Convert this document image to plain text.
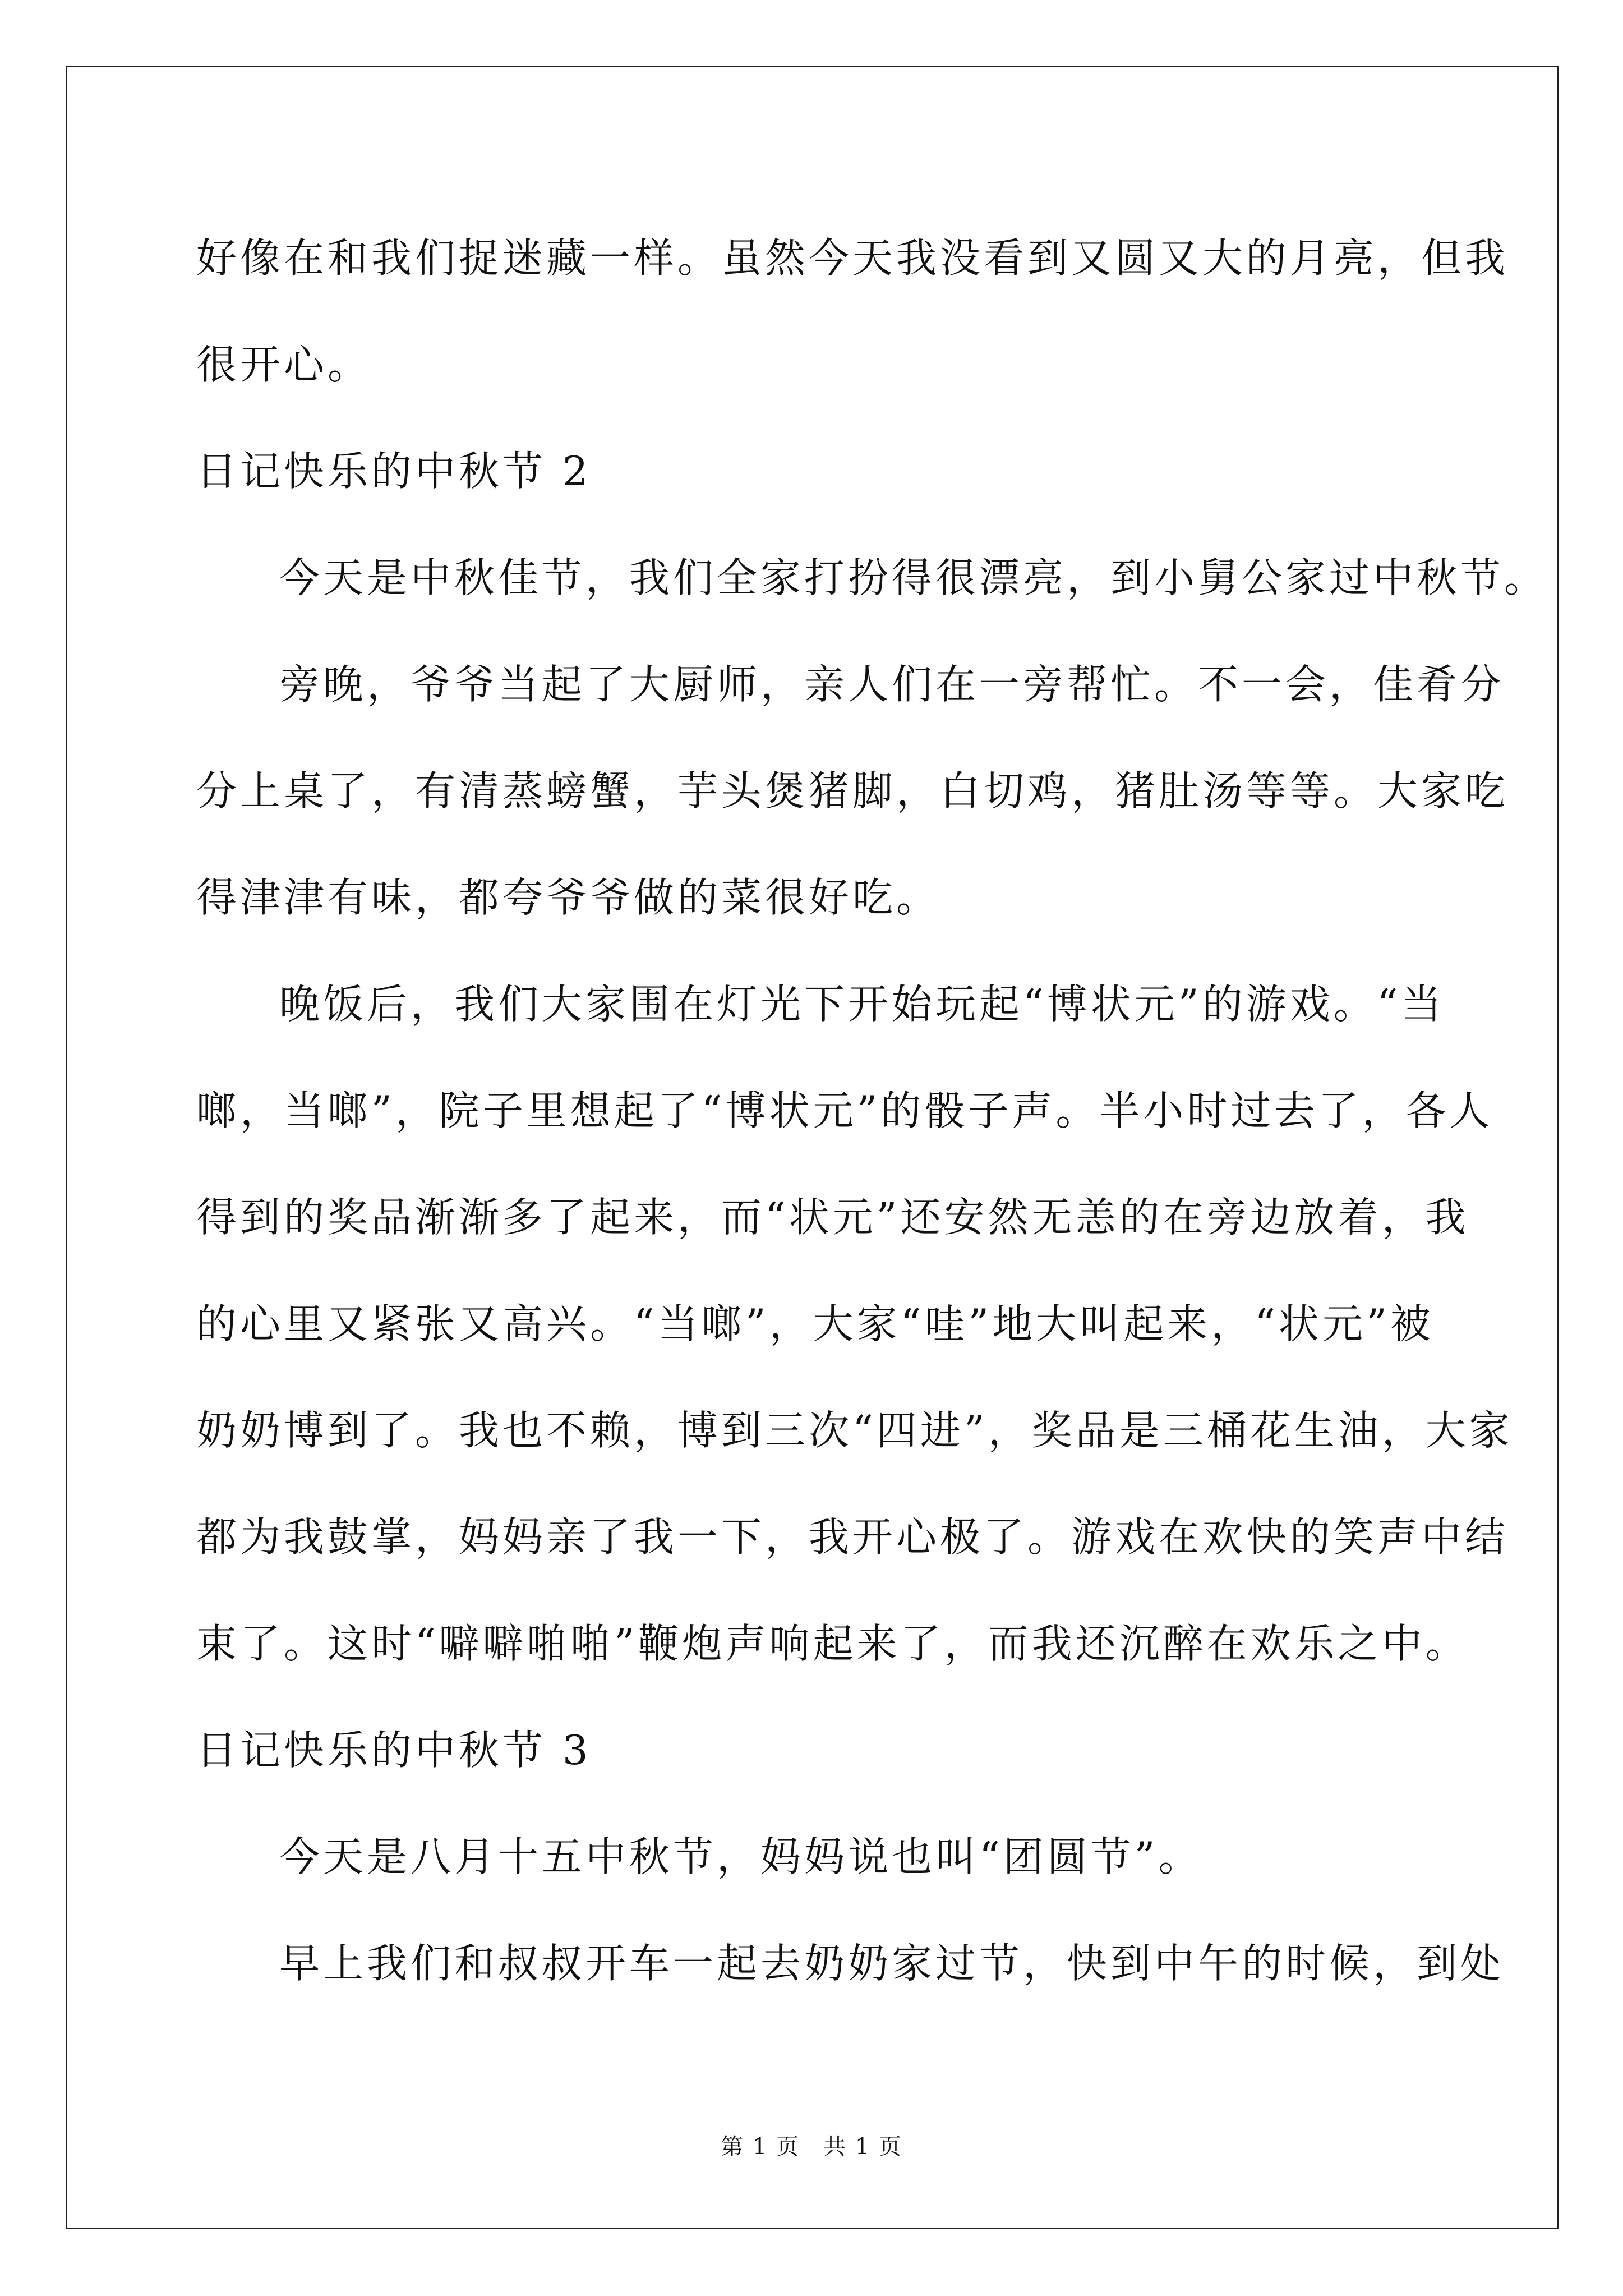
好像在和我们捉迷藏一样。虽然今天我没看到又圆又大的月亮，但我
很开心。
日记快乐的中秋节 2
今天是中秋佳节，我们全家打扮得很漂亮，到小舅公家过中秋节。
旁晚，爷爷当起了大厨师，亲人们在一旁帮忙。不一会，佳肴分
分上桌了，有清蒸螃蟹，芋头煲猪脚，白切鸡，猪肚汤等等。大家吃
得津津有味，都夸爷爷做的菜很好吃。
晚饭后，我们大家围在灯光下开始玩起“博状元”的游戏。“当
啷，当啷”，院子里想起了“博状元”的骰子声。半小时过去了，各人
得到的奖品渐渐多了起来，而“状元”还安然无恙的在旁边放着，我
的心里又紧张又高兴。“当啷”，大家“哇”地大叫起来，“状元”被
奶奶博到了。我也不赖，博到三次“四进”，奖品是三桶花生油，大家
都为我鼓掌，妈妈亲了我一下，我开心极了。游戏在欢快的笑声中结
束了。这时“噼噼啪啪”鞭炮声响起来了，而我还沉醉在欢乐之中。
日记快乐的中秋节 3
今天是八月十五中秋节，妈妈说也叫“团圆节”。
早上我们和叔叔开车一起去奶奶家过节，快到中午的时候，到处
第 1 页　共 1 页
